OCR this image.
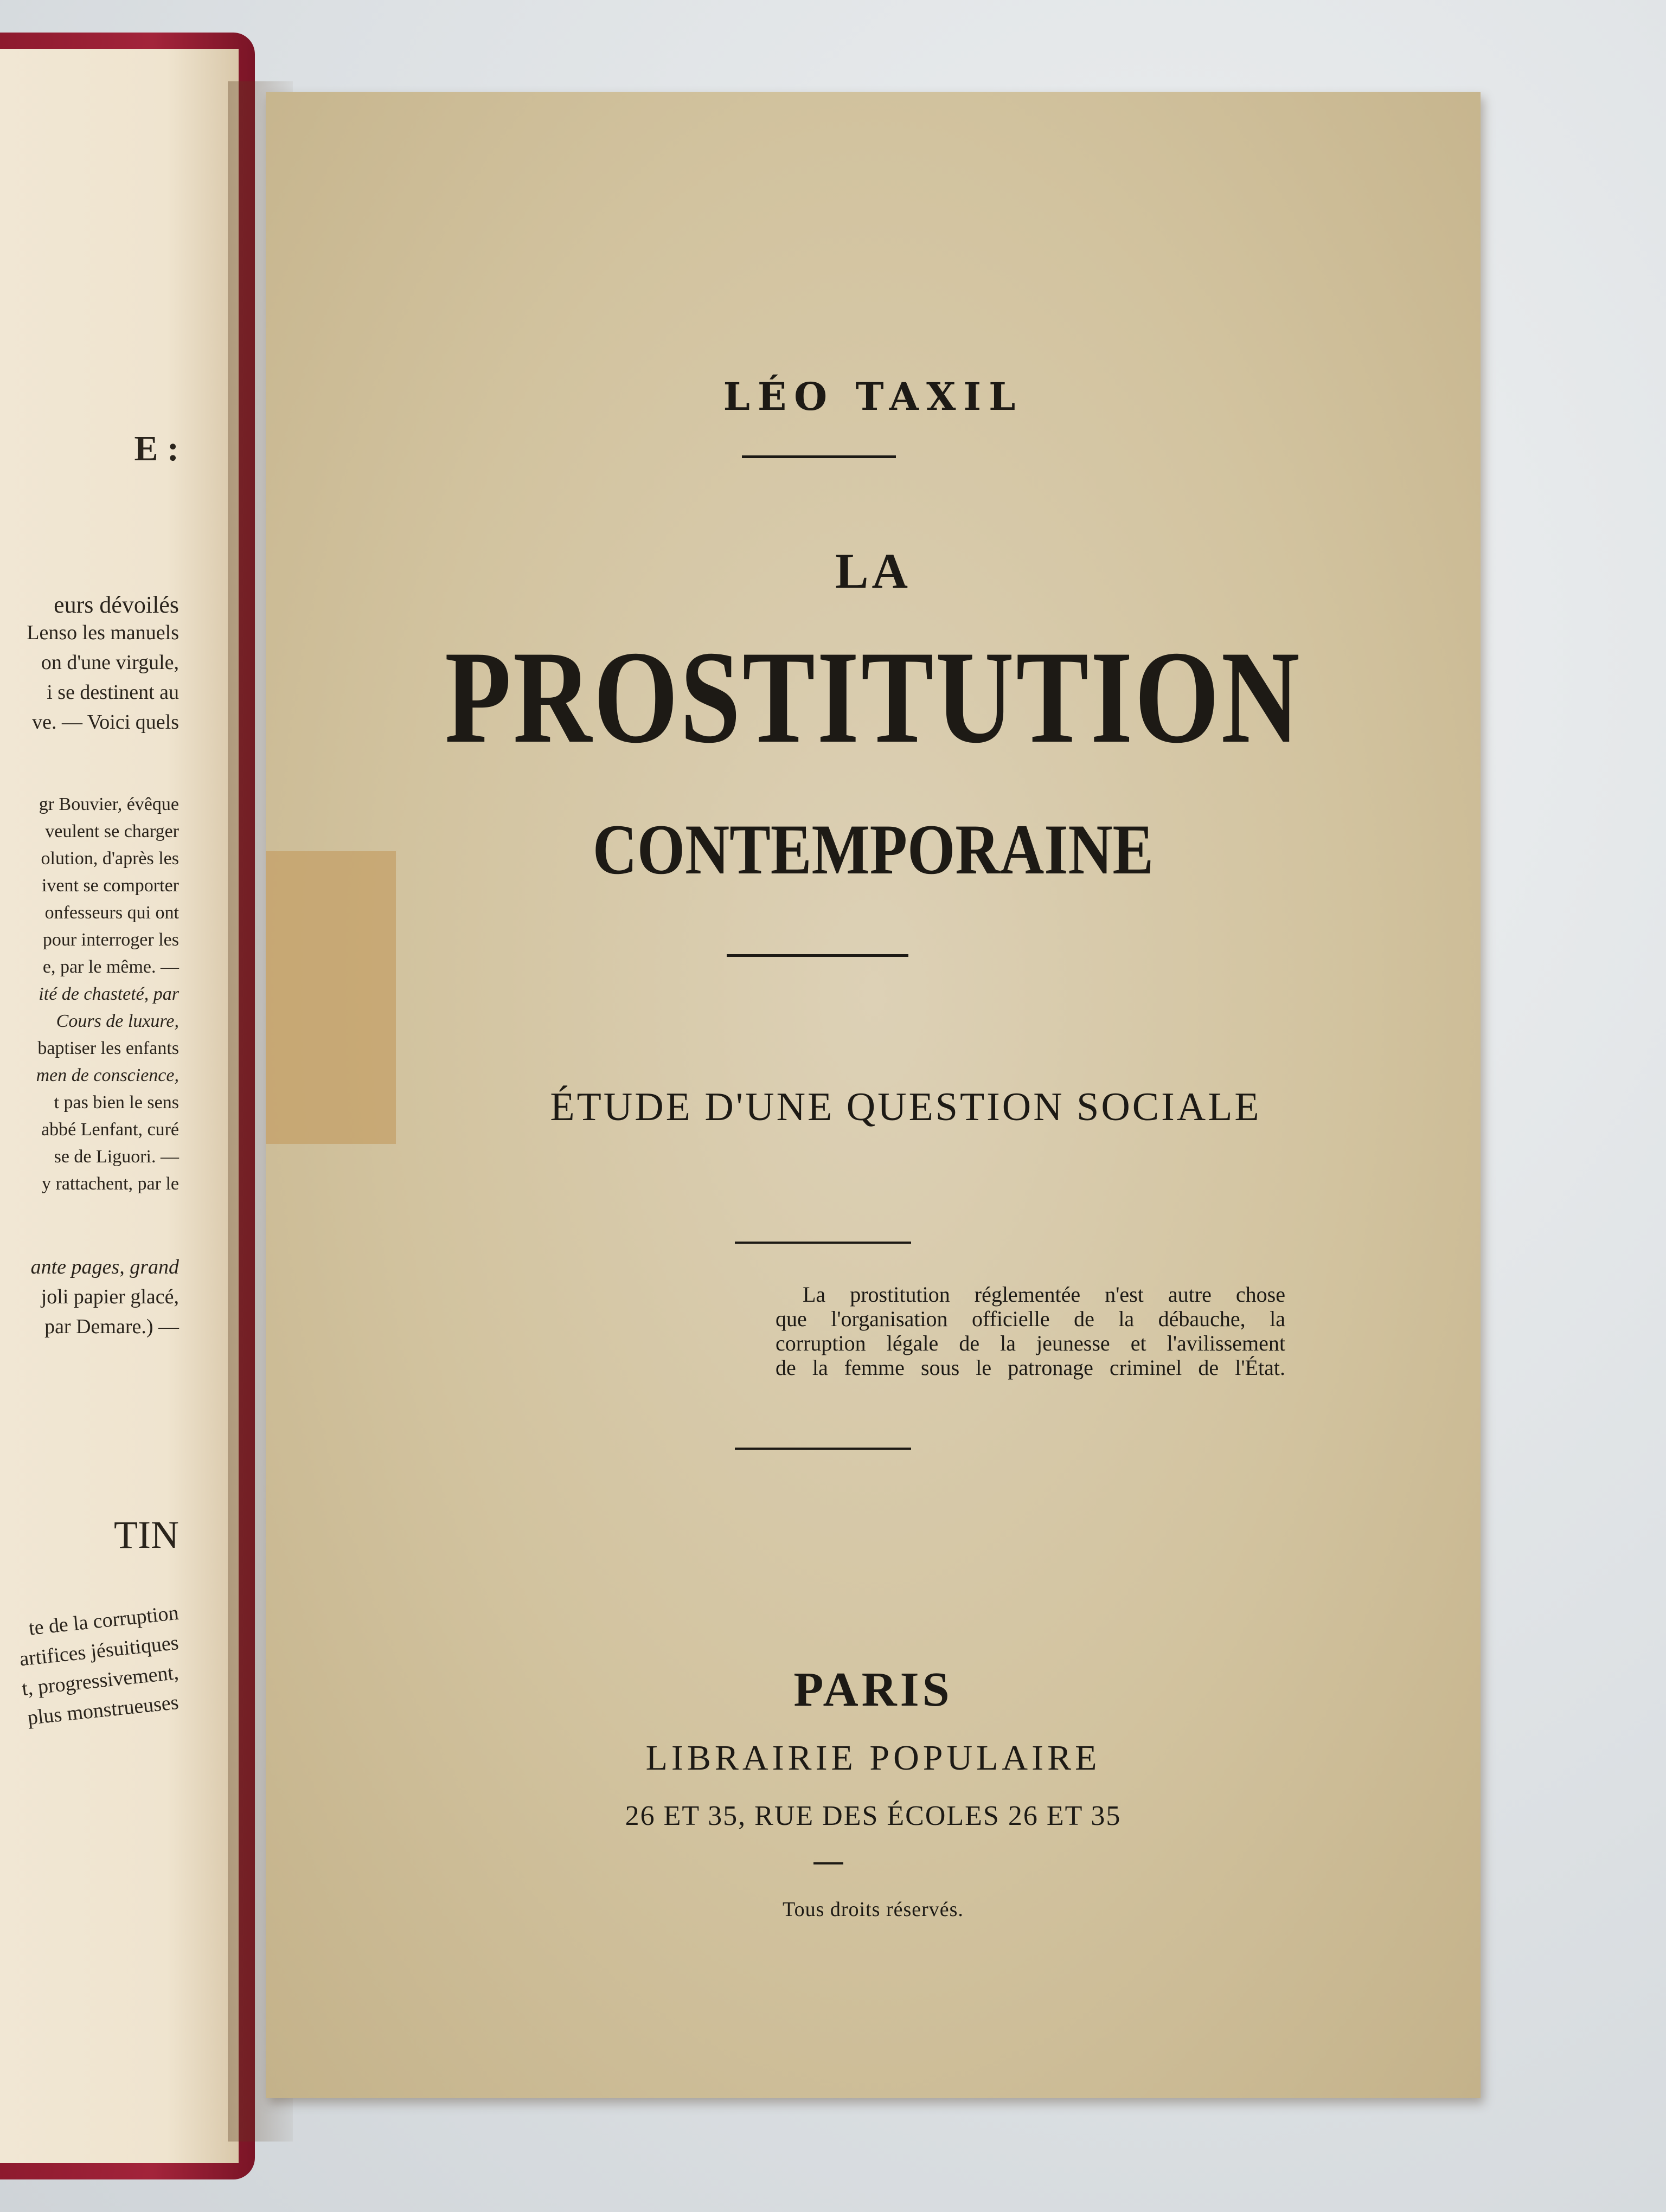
E :
eurs dévoilés
Lenso les manuels
on d'une virgule,
i se destinent au
ve. — Voici quels
gr Bouvier, évêque
veulent se charger
olution, d'après les
ivent se comporter
onfesseurs qui ont
pour interroger les
e, par le même. —
ité de chasteté, par
Cours de luxure,
baptiser les enfants
men de conscience,
t pas bien le sens
abbé Lenfant, curé
se de Liguori. —
y rattachent, par le
ante pages, grand
joli papier glacé,
par Demare.) —
TIN
te de la corruption
artifices jésuitiques
t, progressivement,
plus monstrueuses
LÉO TAXIL
LA
PROSTITUTION
CONTEMPORAINE
ÉTUDE D'UNE QUESTION SOCIALE
La prostitution réglementée n'est autre chose
que l'organisation officielle de la débauche, la
corruption légale de la jeunesse et l'avilissement
de la femme sous le patronage criminel de l'État.
PARIS
LIBRAIRIE POPULAIRE
26 ET 35, RUE DES ÉCOLES 26 ET 35
Tous droits réservés.
